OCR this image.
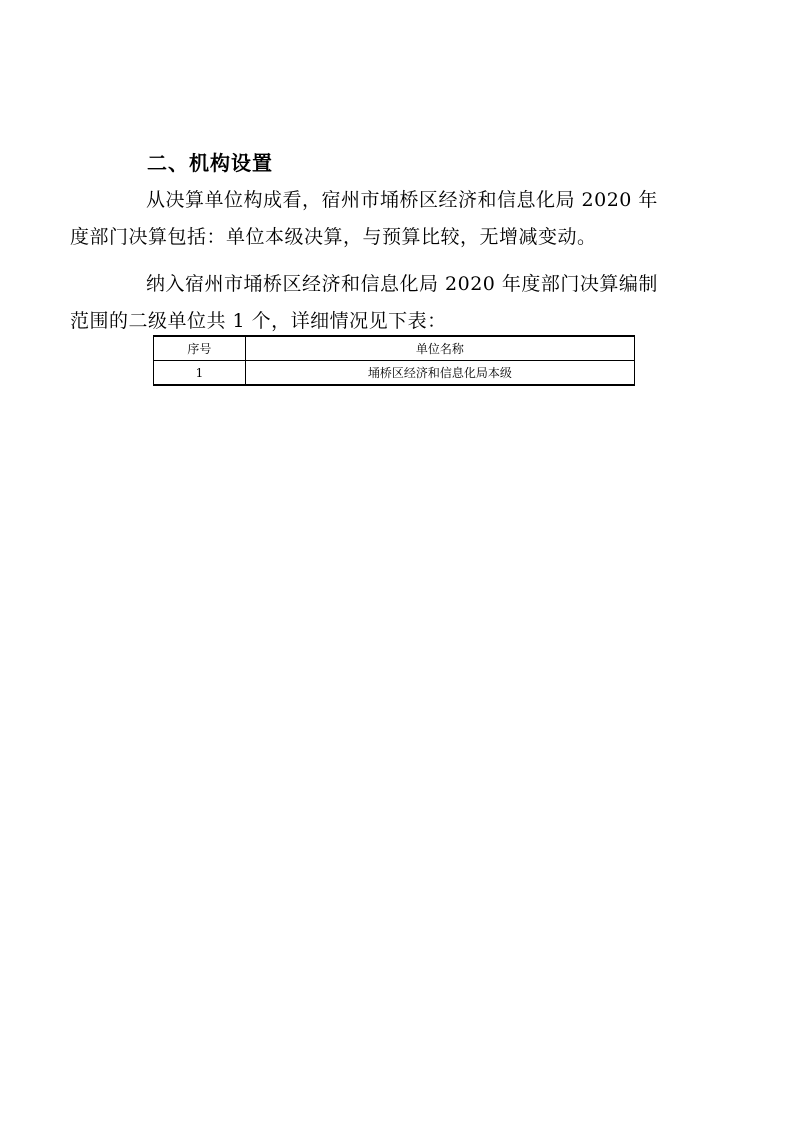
二、机构设置
从决算单位构成看，宿州市埇桥区经济和信息化局 2020 年
度部门决算包括：单位本级决算，与预算比较，无增减变动。
纳入宿州市埇桥区经济和信息化局 2020 年度部门决算编制
范围的二级单位共 1 个，详细情况见下表：
序号	单位名称
1	埇桥区经济和信息化局本级
